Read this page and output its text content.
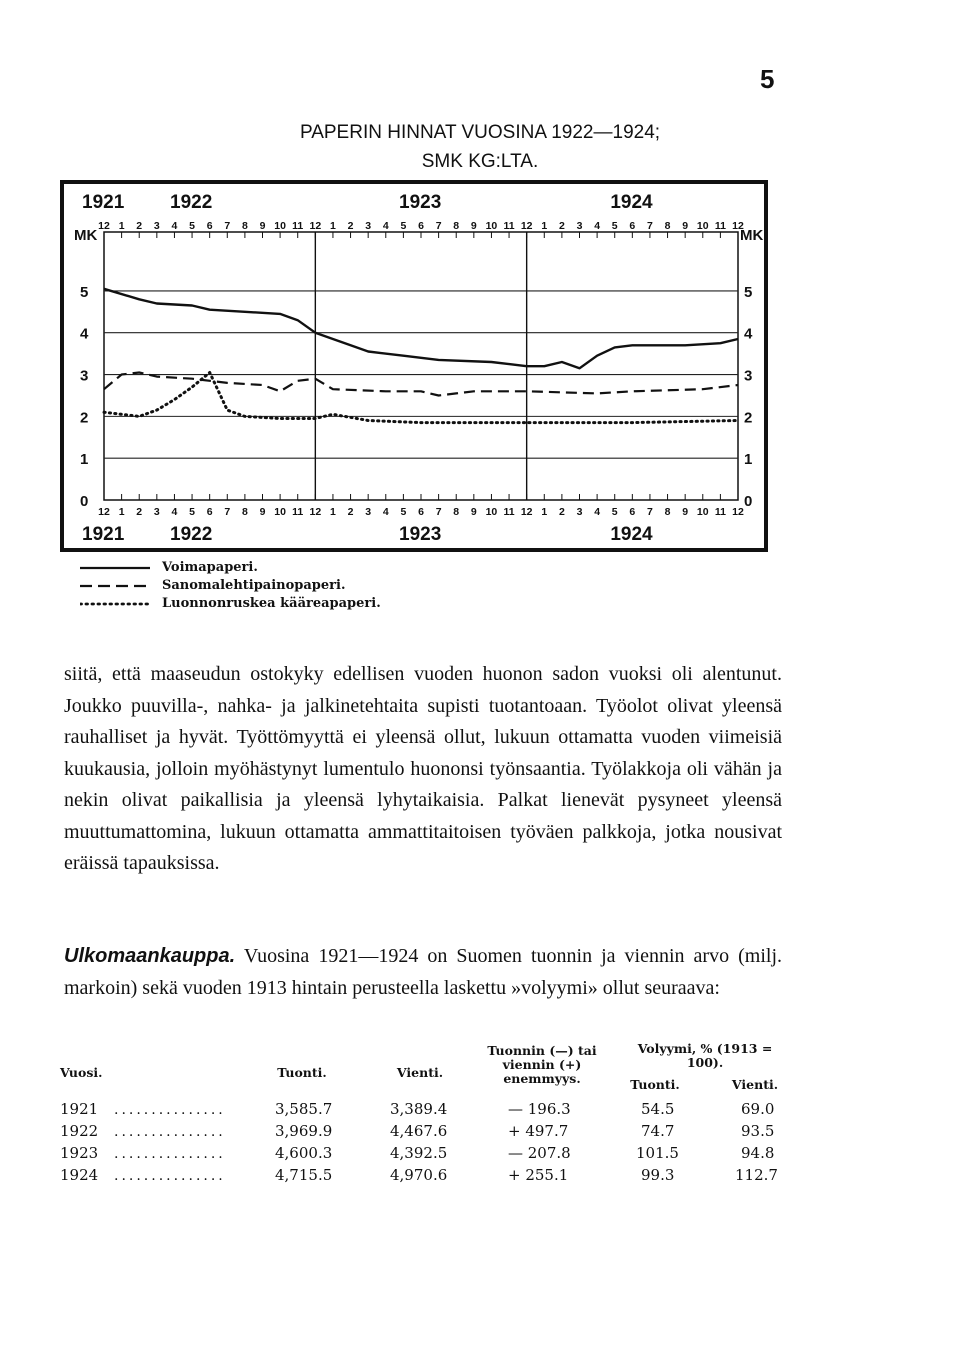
5
PAPERIN HINNAT VUOSINA 1922—1924;
SMK KG:LTA.
0	0
1	1
2	2
3	3
4	4
5	5
12
12
1
1
2
2
3
3
4
4
5
5
6
6
7
7
8
8
9
9
10
10
11
11
12
12
1
1
2
2
3
3
4
4
5
5
6
6
7
7
8
8
9
9
10
10
11
11
12
12
1
1
2
2
3
3
4
4
5
5
6
6
7
7
8
8
9
9
10
10
11
11
12
12
1921
1921
1922
1922
1923
1923
1924
1924
MK	MK
Voimapaperi.
Sanomalehtipainopaperi.
Luonnonruskea kääreapaperi.

siitä, että maaseudun ostokyky edellisen vuoden huonon sadon vuoksi oli alentunut. Joukko puuvilla-, nahka- ja jalkinetehtaita supisti tuotantoaan. Työolot olivat yleensä rauhalliset ja hyvät. Työttömyyttä ei yleensä ollut, lukuun ottamatta vuoden viimeisiä kuukausia, jolloin myöhästynyt lumentulo huononsi työnsaantia. Työlakkoja oli vähän ja nekin olivat paikallisia ja yleensä lyhytaikaisia. Palkat lienevät pysyneet yleensä muuttumattomina, lukuun ottamatta ammattitaitoisen työväen palkkoja, jotka nousivat eräissä tapauksissa.

Ulkomaankauppa. Vuosina 1921—1924 on Suomen tuonnin ja viennin arvo (milj. markoin) sekä vuoden 1913 hintain perusteella laskettu »volyymi» ollut seuraava:
Vuosi.	Tuonti.	Vienti.
Tuonnin (—) tai viennin (+) enemmyys.
Volyymi, % (1913 = 100).
Tuonti.	Vienti.
1921 ...............	3,585.7	3,389.4	— 196.3	54.5	69.0
1922 ...............	3,969.9	4,467.6	+ 497.7	74.7	93.5
1923 ...............	4,600.3	4,392.5	— 207.8	101.5	94.8
1924 ...............	4,715.5	4,970.6	+ 255.1	99.3	112.7
